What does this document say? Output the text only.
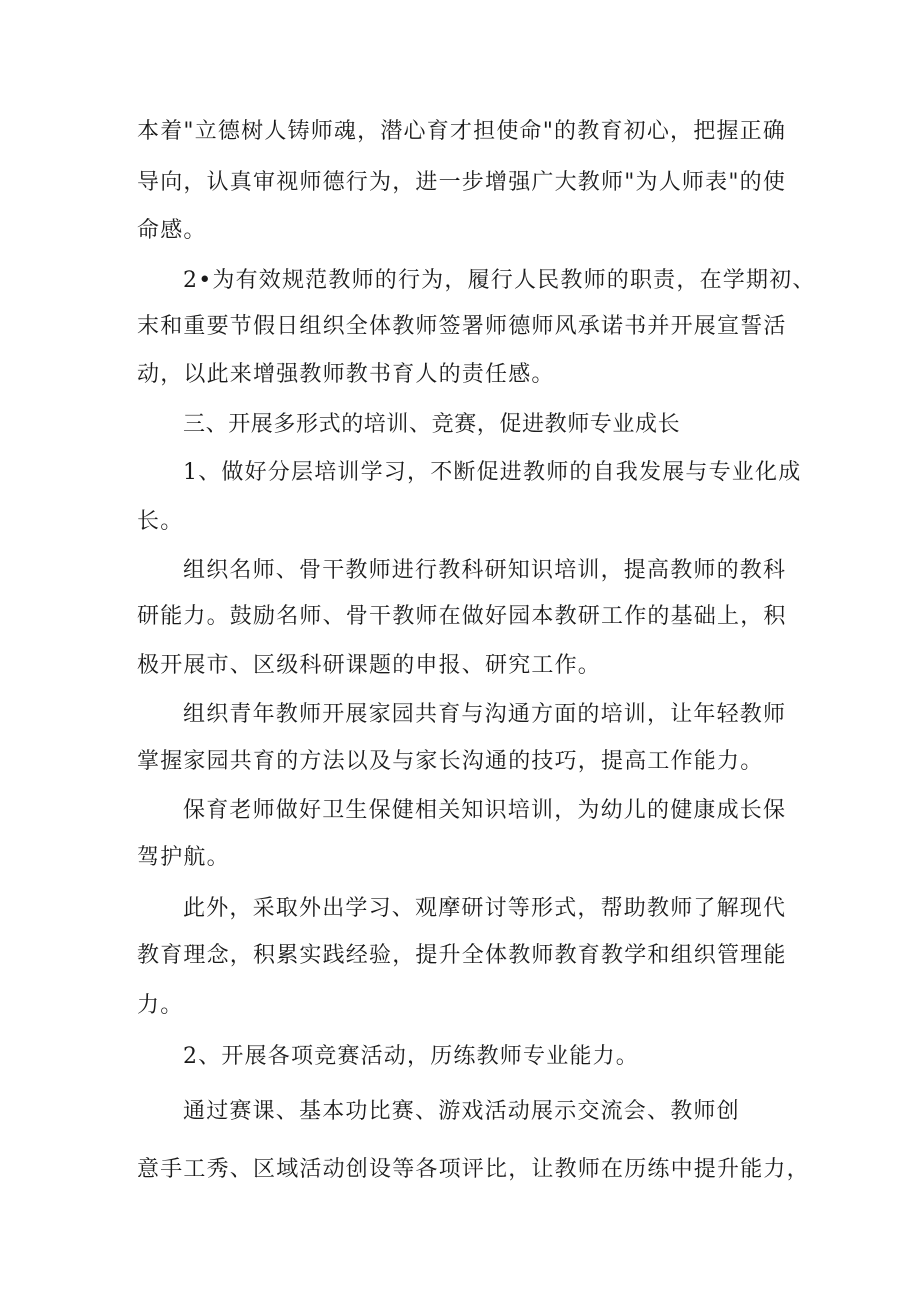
本着"立德树人铸师魂，潜心育才担使命"的教育初心，把握正确
导向，认真审视师德行为，进一步增强广大教师"为人师表"的使
命感。
2•为有效规范教师的行为，履行人民教师的职责，在学期初、
末和重要节假日组织全体教师签署师德师风承诺书并开展宣誓活
动，以此来增强教师教书育人的责任感。
三、开展多形式的培训、竞赛，促进教师专业成长
1、做好分层培训学习，不断促进教师的自我发展与专业化成
长。
组织名师、骨干教师进行教科研知识培训，提高教师的教科
研能力。鼓励名师、骨干教师在做好园本教研工作的基础上，积
极开展市、区级科研课题的申报、研究工作。
组织青年教师开展家园共育与沟通方面的培训，让年轻教师
掌握家园共育的方法以及与家长沟通的技巧，提高工作能力。
保育老师做好卫生保健相关知识培训，为幼儿的健康成长保
驾护航。
此外，采取外出学习、观摩研讨等形式，帮助教师了解现代
教育理念，积累实践经验，提升全体教师教育教学和组织管理能
力。
2、开展各项竞赛活动，历练教师专业能力。
通过赛课、基本功比赛、游戏活动展示交流会、教师创
意手工秀、区域活动创设等各项评比，让教师在历练中提升能力，
